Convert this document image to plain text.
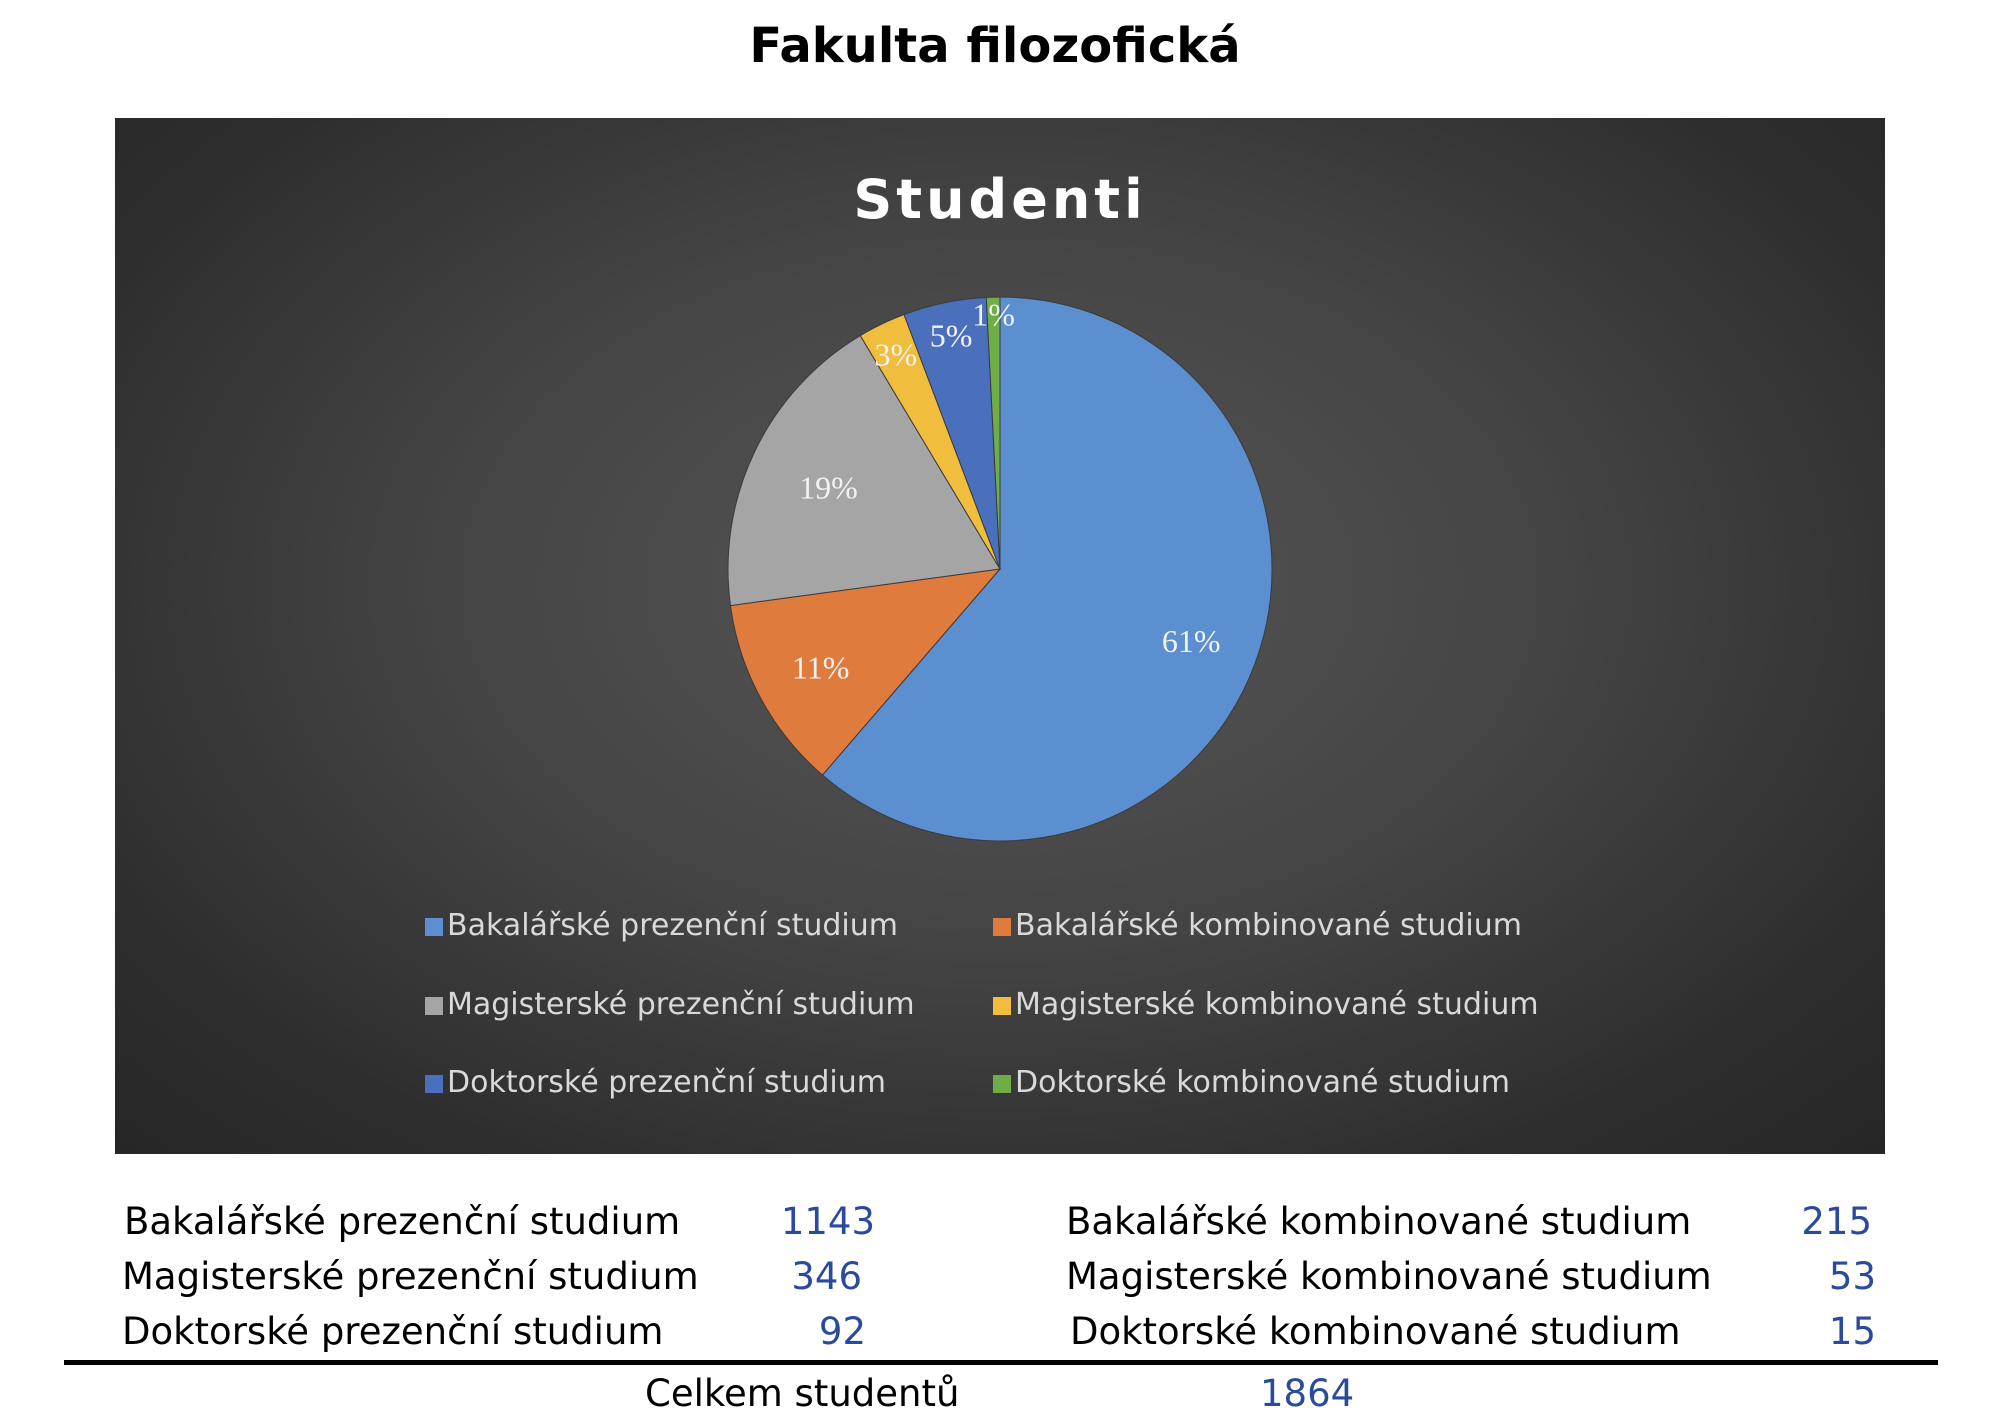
Fakulta filozofická
Studenti
61%
11%
19%
3%
5%
1%
Bakalářské prezenční studium	Bakalářské kombinované studium
Magisterské prezenční studium	Magisterské kombinované studium
Doktorské prezenční studium	Doktorské kombinované studium
Bakalářské prezenční studium	1143	Bakalářské kombinované studium	215
Magisterské prezenční studium	346	Magisterské kombinované studium	53
Doktorské prezenční studium	92	Doktorské kombinované studium	15
Celkem studentů	1864
